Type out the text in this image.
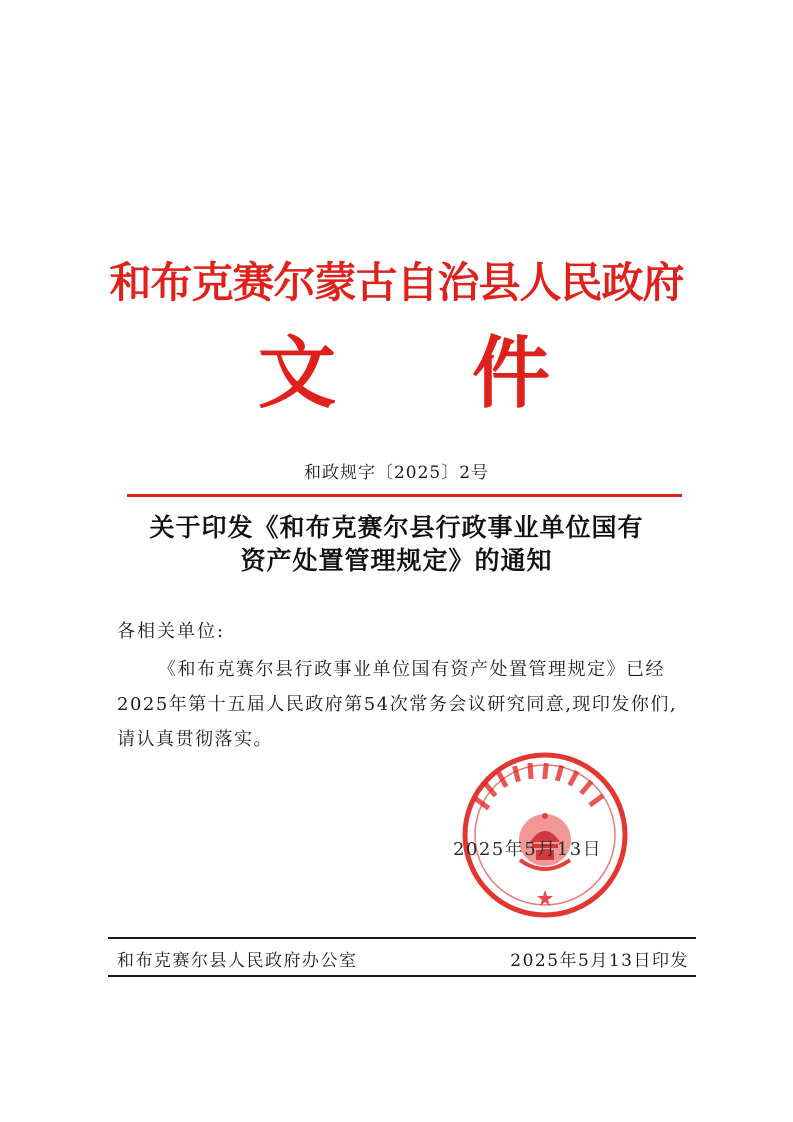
和布克赛尔蒙古自治县人民政府
文 件
和政规字〔2025〕2号
关于印发《和布克赛尔县行政事业单位国有
资产处置管理规定》的通知
各相关单位:
《和布克赛尔县行政事业单位国有资产处置管理规定》已经
2025年第十五届人民政府第54次常务会议研究同意,现印发你们,
请认真贯彻落实。
2025年5月13日
和布克赛尔县人民政府办公室	2025年5月13日印发
